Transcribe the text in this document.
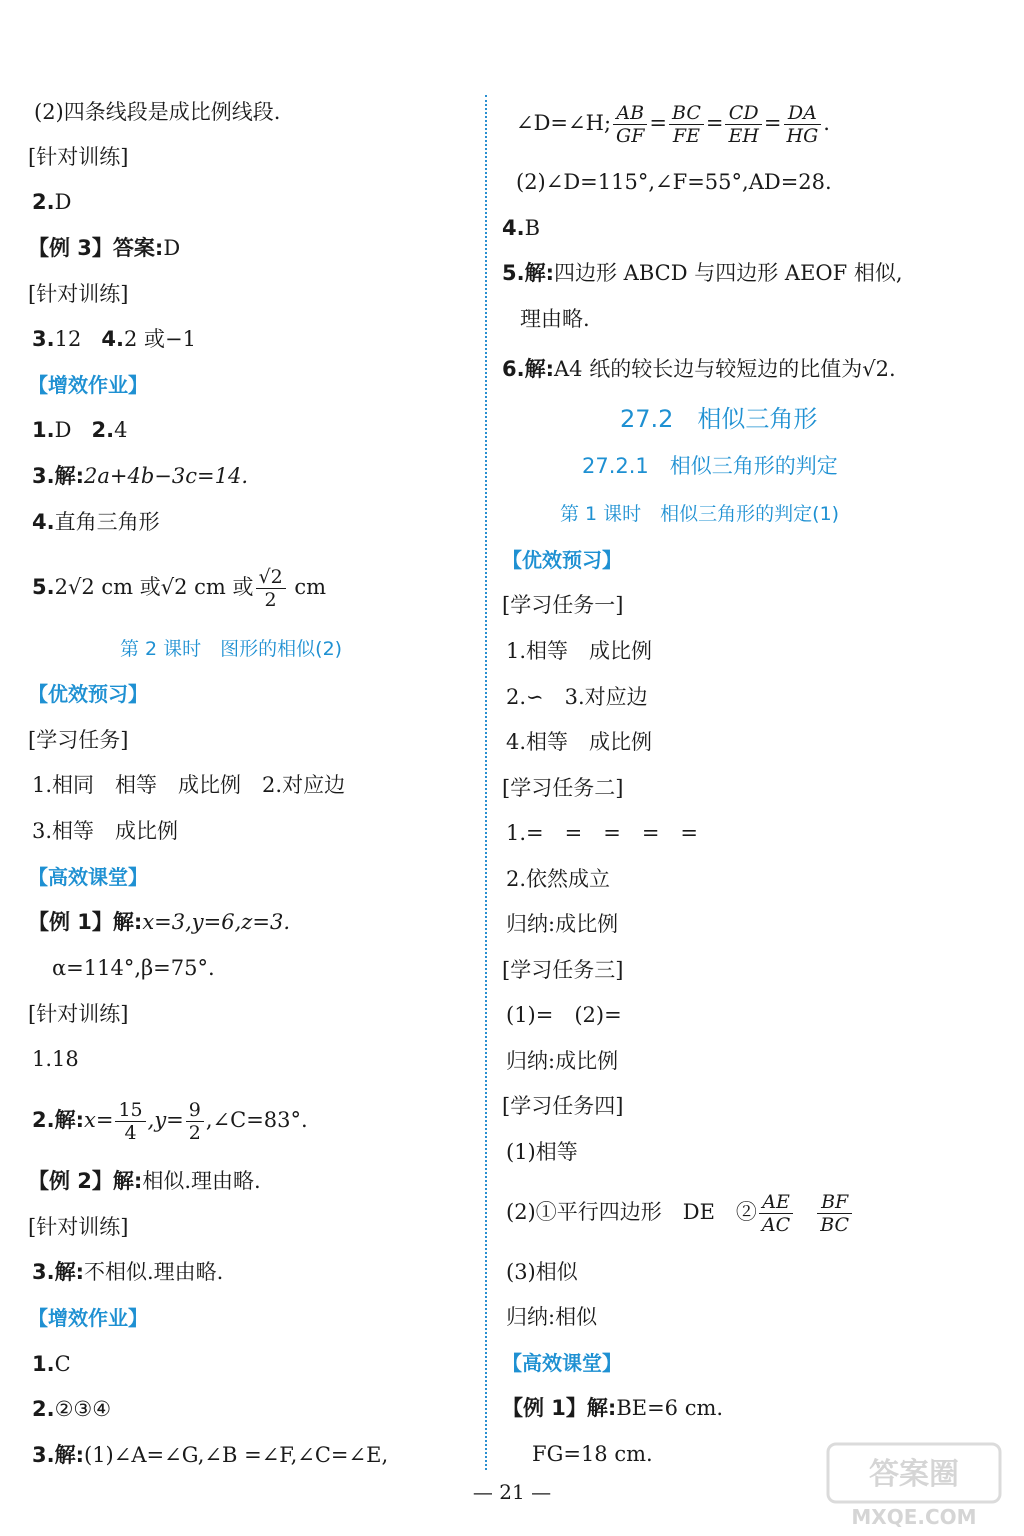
(2)四条线段是成比例线段.
[针对训练]
2.D
【例 3】答案:D
[针对训练]
3.12 4.2 或−1
【增效作业】
1.D 2.4
3.解:2a+4b−3c=14.
4.直角三角形
5.2√2 cm 或√2 cm 或 $\frac{√2}{2}$ cm
第 2 课时　图形的相似(2)
【优效预习】
[学习任务]
1.相同　相等　成比例　2.对应边
3.相等　成比例
【高效课堂】
【例 1】解:x=3,y=6,z=3.
α=114°,β=75°.
[针对训练]
1.18
2.解:x= $\frac{15}{4} ,y= \frac{9}{2}$ ,∠C=83°.
【例 2】解:相似.理由略.
[针对训练]
3.解:不相似.理由略.
【增效作业】
1.C
2.②③④
3.解:(1)∠A=∠G,∠B =∠F,∠C=∠E,
∠D=∠H; $\frac{AB}{GF} = \frac{BC}{FE} = \frac{CD}{EH} = \frac{DA}{HG}$ .
(2)∠D=115°,∠F=55°,AD=28.
4.B
5.解:四边形 ABCD 与四边形 AEOF 相似,
理由略.
6.解:A4 纸的较长边与较短边的比值为√2.
27.2　相似三角形
27.2.1　相似三角形的判定
第 1 课时　相似三角形的判定(1)
【优效预习】
[学习任务一]
1.相等　成比例
2.∽　3.对应边
4.相等　成比例
[学习任务二]
1.=　=　=　=　=
2.依然成立
归纳:成比例
[学习任务三]
(1)=　(2)=
归纳:成比例
[学习任务四]
(1)相等
(2)①平行四边形　DE　② $\frac{AE}{AC}$
$\frac{BF}{BC}$
(3)相似
归纳:相似
【高效课堂】
【例 1】解:BE=6 cm.
FG=18 cm.
— 21 —	答案圈
MXQE.COM
